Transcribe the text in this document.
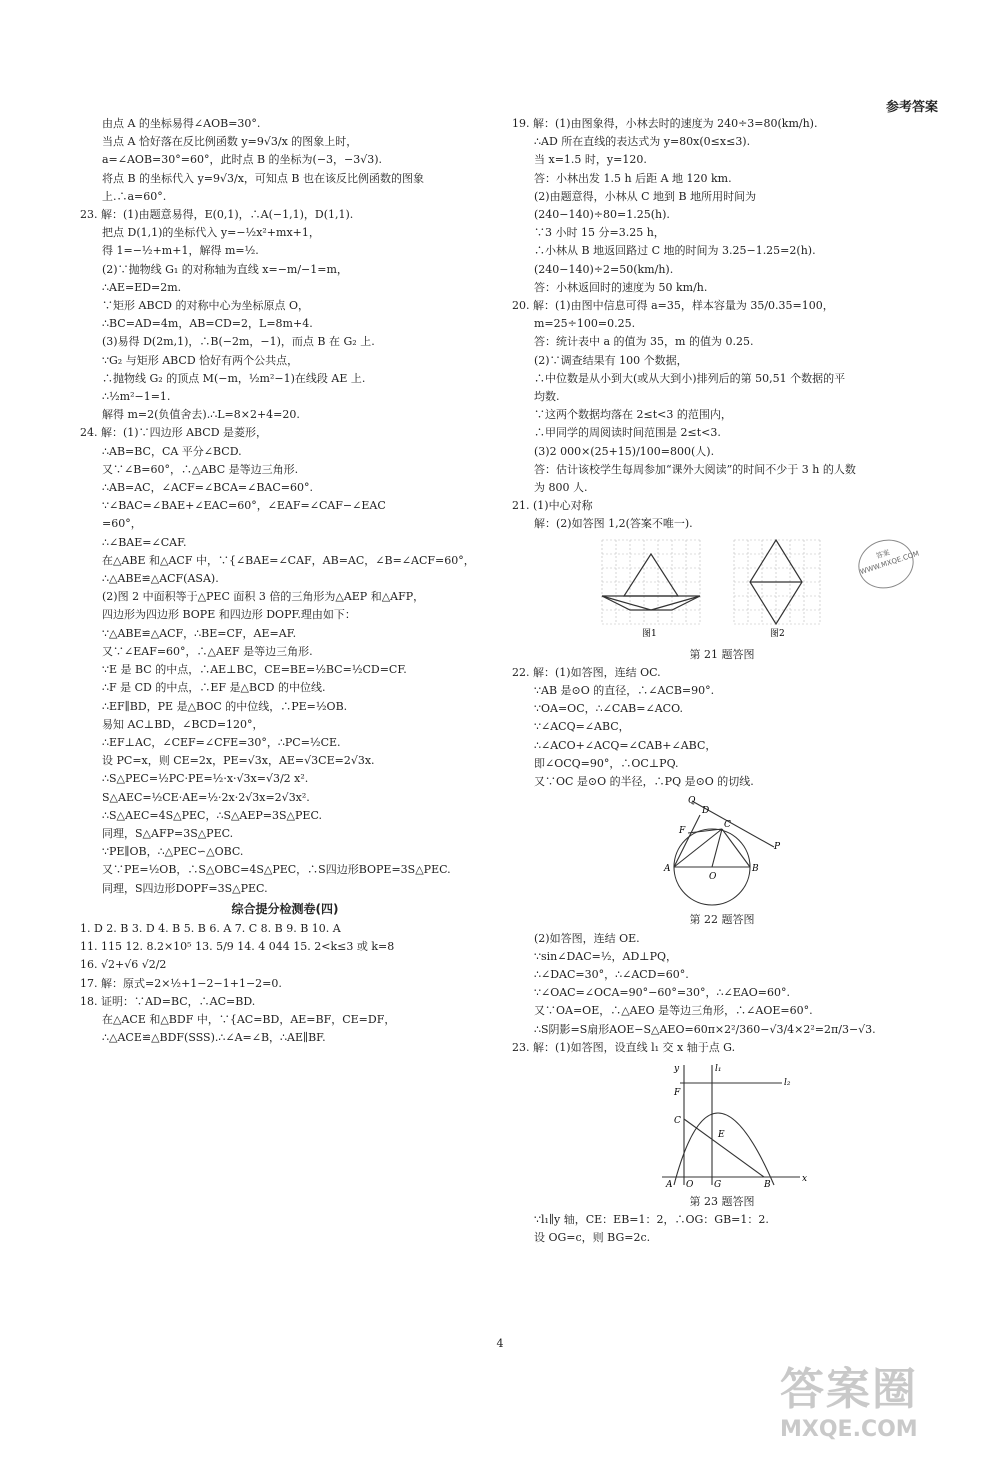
参考答案
由点 A 的坐标易得∠AOB=30°.
当点 A 恰好落在反比例函数 y=9√3/x 的图象上时，
a=∠AOB=30°=60°，此时点 B 的坐标为(−3，−3√3).
将点 B 的坐标代入 y=9√3/x，可知点 B 也在该反比例函数的图象
上.∴a=60°.
23. 解：(1)由题意易得，E(0,1)，∴A(−1,1)，D(1,1).
把点 D(1,1)的坐标代入 y=−½x²+mx+1，
得 1=−½+m+1，解得 m=½.
(2)∵抛物线 G₁ 的对称轴为直线 x=−m/−1=m，
∴AE=ED=2m.
∵矩形 ABCD 的对称中心为坐标原点 O，
∴BC=AD=4m，AB=CD=2，L=8m+4.
(3)易得 D(2m,1)，∴B(−2m，−1)，而点 B 在 G₂ 上.
∵G₂ 与矩形 ABCD 恰好有两个公共点，
∴抛物线 G₂ 的顶点 M(−m，½m²−1)在线段 AE 上.
∴½m²−1=1.
解得 m=2(负值舍去).∴L=8×2+4=20.
24. 解：(1)∵四边形 ABCD 是菱形，
∴AB=BC，CA 平分∠BCD.
又∵∠B=60°，∴△ABC 是等边三角形.
∴AB=AC，∠ACF=∠BCA=∠BAC=60°.
∵∠BAC=∠BAE+∠EAC=60°，∠EAF=∠CAF−∠EAC
=60°，
∴∠BAE=∠CAF.
在△ABE 和△ACF 中，∵{∠BAE=∠CAF，AB=AC，∠B=∠ACF=60°，
∴△ABE≌△ACF(ASA).
(2)图 2 中面积等于△PEC 面积 3 倍的三角形为△AEP 和△AFP，
四边形为四边形 BOPE 和四边形 DOPF.理由如下：
∵△ABE≌△ACF，∴BE=CF，AE=AF.
又∵∠EAF=60°，∴△AEF 是等边三角形.
∵E 是 BC 的中点，∴AE⊥BC，CE=BE=½BC=½CD=CF.
∴F 是 CD 的中点，∴EF 是△BCD 的中位线.
∴EF∥BD，PE 是△BOC 的中位线，∴PE=½OB.
易知 AC⊥BD，∠BCD=120°，
∴EF⊥AC，∠CEF=∠CFE=30°，∴PC=½CE.
设 PC=x，则 CE=2x，PE=√3x，AE=√3CE=2√3x.
∴S△PEC=½PC·PE=½·x·√3x=√3/2 x².
S△AEC=½CE·AE=½·2x·2√3x=2√3x².
∴S△AEC=4S△PEC，∴S△AEP=3S△PEC.
同理，S△AFP=3S△PEC.
∵PE∥OB，∴△PEC∽△OBC.
又∵PE=½OB，∴S△OBC=4S△PEC，∴S四边形BOPE=3S△PEC.
同理，S四边形DOPF=3S△PEC.
综合提分检测卷(四)
1. D 2. B 3. D 4. B 5. B 6. A 7. C 8. B 9. B 10. A
11. 115 12. 8.2×10⁵ 13. 5/9 14. 4 044 15. 2<k≤3 或 k=8
16. √2+√6 √2/2
17. 解：原式=2×½+1−2−1+1−2=0.
18. 证明：∵AD=BC，∴AC=BD.
在△ACE 和△BDF 中，∵{AC=BD，AE=BF，CE=DF，
∴△ACE≌△BDF(SSS).∴∠A=∠B，∴AE∥BF.
19. 解：(1)由图象得，小林去时的速度为 240÷3=80(km/h).
∴AD 所在直线的表达式为 y=80x(0≤x≤3).
当 x=1.5 时，y=120.
答：小林出发 1.5 h 后距 A 地 120 km.
(2)由题意得，小林从 C 地到 B 地所用时间为
(240−140)÷80=1.25(h).
∵3 小时 15 分=3.25 h，
∴小林从 B 地返回路过 C 地的时间为 3.25−1.25=2(h).
(240−140)÷2=50(km/h).
答：小林返回时的速度为 50 km/h.
20. 解：(1)由图中信息可得 a=35，样本容量为 35/0.35=100，
m=25÷100=0.25.
答：统计表中 a 的值为 35，m 的值为 0.25.
(2)∵调查结果有 100 个数据，
∴中位数是从小到大(或从大到小)排列后的第 50,51 个数据的平
均数.
∵这两个数据均落在 2≤t<3 的范围内，
∴甲同学的周阅读时间范围是 2≤t<3.
(3)2 000×(25+15)/100=800(人).
答：估计该校学生每周参加“课外大阅读”的时间不少于 3 h 的人数
为 800 人.
21. (1)中心对称
解：(2)如答图 1,2(答案不唯一).
图1	图2
第 21 题答图
22. 解：(1)如答图，连结 OC.
∵AB 是⊙O 的直径，∴∠ACB=90°.
∵OA=OC，∴∠CAB=∠ACO.
∵∠ACQ=∠ABC，
∴∠ACO+∠ACQ=∠CAB+∠ABC，
即∠OCQ=90°，∴OC⊥PQ.
又∵OC 是⊙O 的半径，∴PQ 是⊙O 的切线.
Q
D
F
C
P
A
O
B
第 22 题答图
(2)如答图，连结 OE.
∵sin∠DAC=½，AD⊥PQ，
∴∠DAC=30°，∴∠ACD=60°.
∵∠OAC=∠OCA=90°−60°=30°，∴∠EAO=60°.
又∵OA=OE，∴△AEO 是等边三角形，∴∠AOE=60°.
∴S阴影=S扇形AOE−S△AEO=60π×2²/360−√3/4×2²=2π/3−√3.
23. 解：(1)如答图，设直线 l₁ 交 x 轴于点 G.
y	l₁
l₂
F
C
E
A O G	B
x
第 23 题答图
∵l₁∥y 轴，CE：EB=1：2，∴OG：GB=1：2.
设 OG=c，则 BG=2c.
答案 WWW.MXQE.COM
4
答案圈
MXQE.COM
